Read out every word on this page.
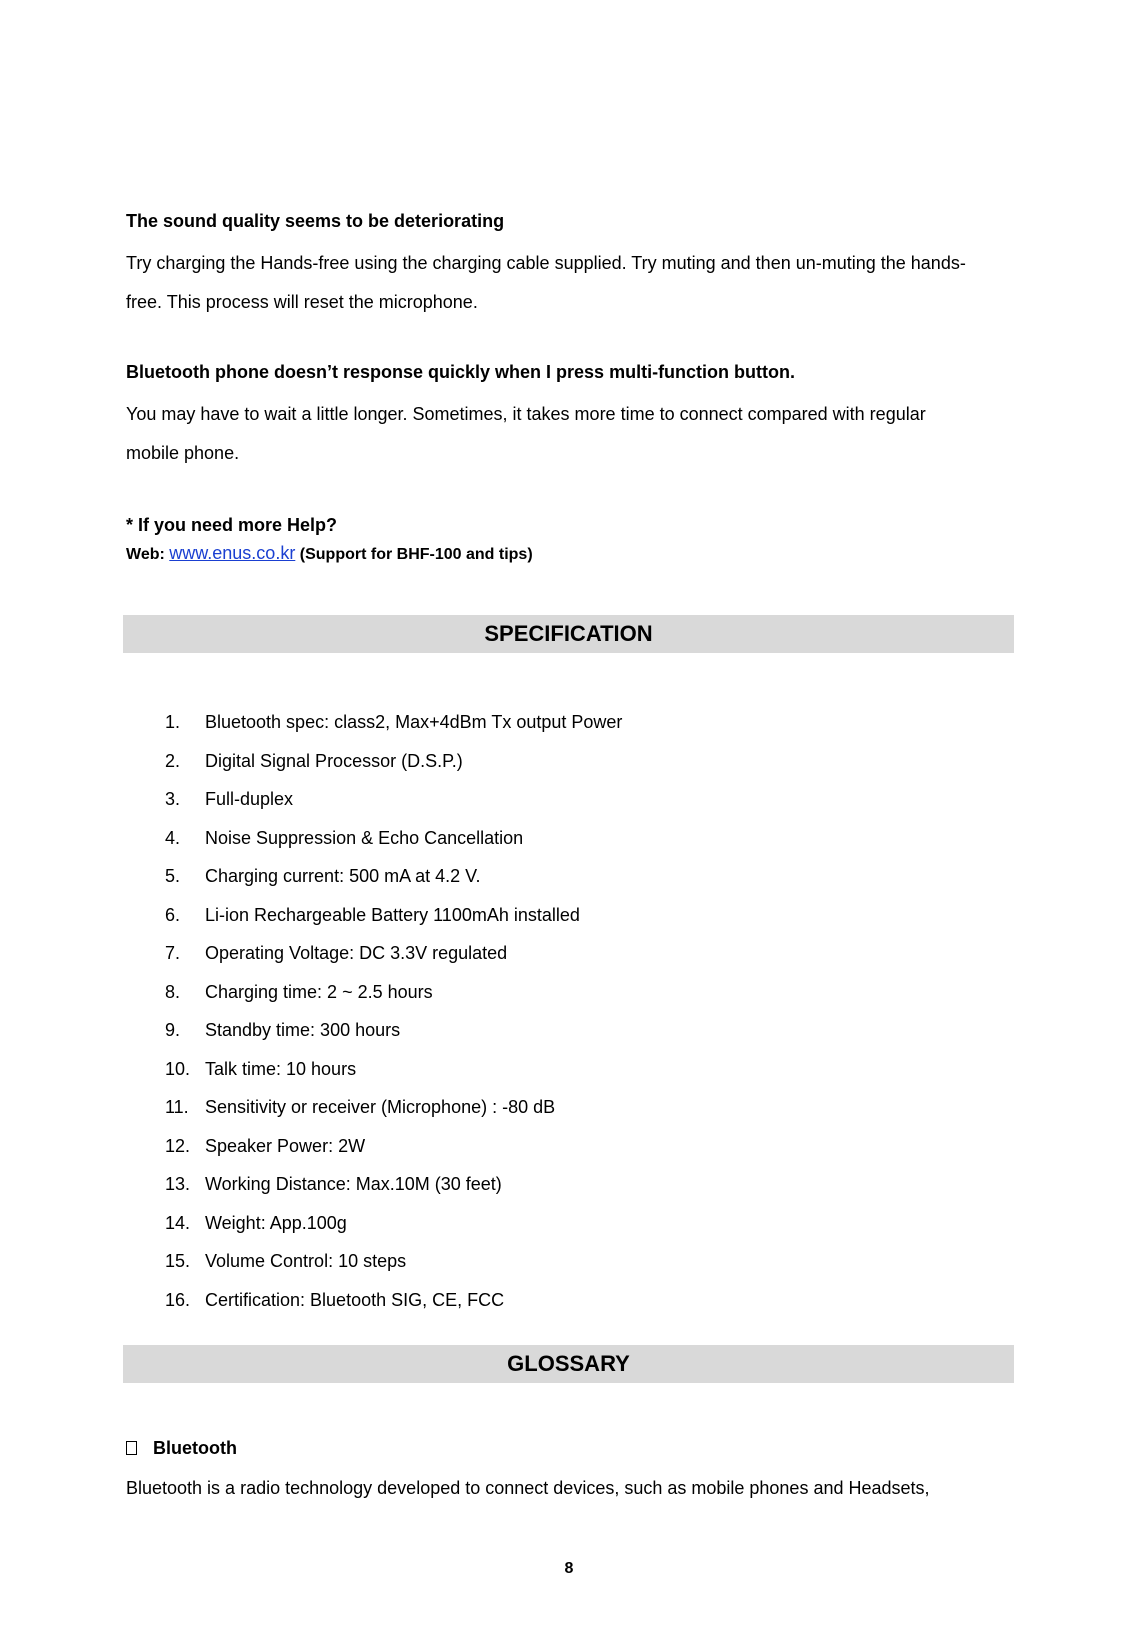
The sound quality seems to be deteriorating

Try charging the Hands-free using the charging cable supplied. Try muting and then un-muting the hands-
free. This process will reset the microphone.

Bluetooth phone doesn’t response quickly when I press multi-function button.

You may have to wait a little longer. Sometimes, it takes more time to connect compared with regular
mobile phone.

* If you need more Help?

Web: www.enus.co.kr (Support for BHF-100 and tips)

SPECIFICATION
1.	Bluetooth spec: class2, Max+4dBm Tx output Power
2.	Digital Signal Processor (D.S.P.)
3.	Full-duplex
4.	Noise Suppression & Echo Cancellation
5.	Charging current: 500 mA at 4.2 V.
6.	Li-ion Rechargeable Battery 1100mAh installed
7.	Operating Voltage: DC 3.3V regulated
8.	Charging time: 2 ~ 2.5 hours
9.	Standby time: 300 hours
10. Talk time: 10 hours
11. Sensitivity or receiver (Microphone) : -80 dB
12. Speaker Power: 2W
13. Working Distance: Max.10M (30 feet)
14. Weight: App.100g
15. Volume Control: 10 steps
16. Certification: Bluetooth SIG, CE, FCC
GLOSSARY

Bluetooth

Bluetooth is a radio technology developed to connect devices, such as mobile phones and Headsets,

8
